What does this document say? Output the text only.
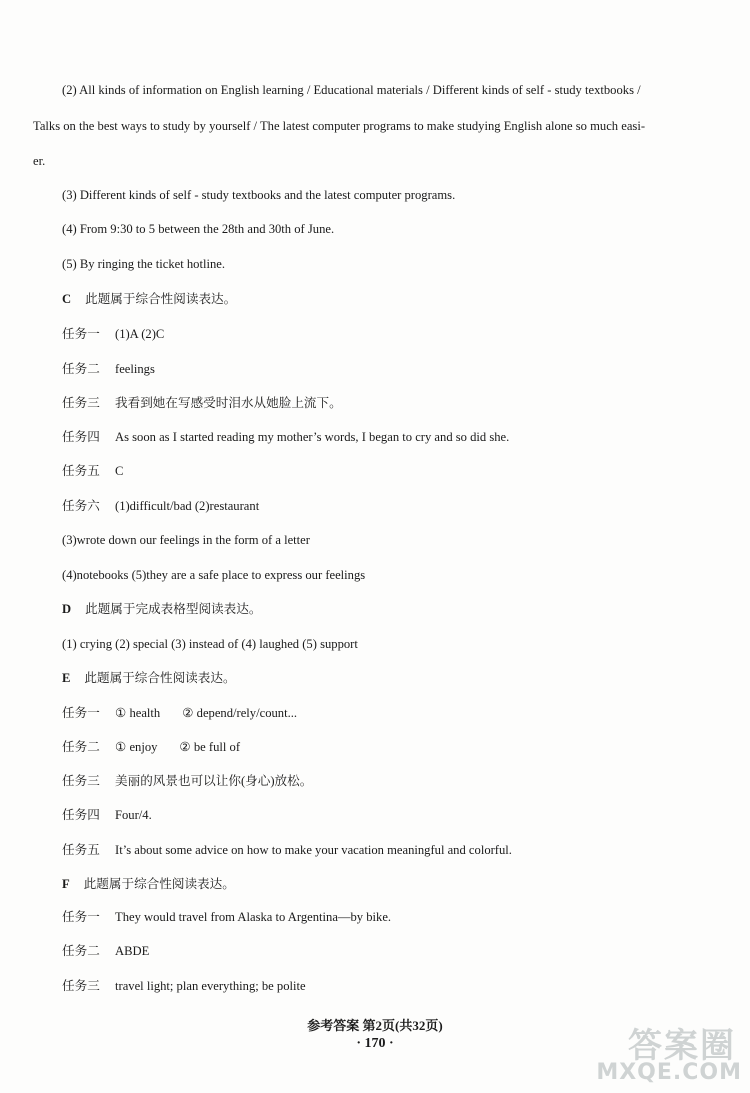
(2) All kinds of information on English learning / Educational materials / Different kinds of self - study textbooks /
Talks on the best ways to study by yourself / The latest computer programs to make studying English alone so much easi-
er.
(3) Different kinds of self - study textbooks and the latest computer programs.
(4) From 9:30 to 5 between the 28th and 30th of June.
(5) By ringing the ticket hotline.
C 此题属于综合性阅读表达。
任务一 (1)A (2)C
任务二 feelings
任务三 我看到她在写感受时泪水从她脸上流下。
任务四 As soon as I started reading my mother’s words, I began to cry and so did she.
任务五 C
任务六 (1)difficult/bad (2)restaurant
(3)wrote down our feelings in the form of a letter
(4)notebooks (5)they are a safe place to express our feelings
D 此题属于完成表格型阅读表达。
(1) crying (2) special (3) instead of (4) laughed (5) support
E 此题属于综合性阅读表达。
任务一 ① health ② depend/rely/count...
任务二 ① enjoy ② be full of
任务三 美丽的风景也可以让你(身心)放松。
任务四 Four/4.
任务五 It’s about some advice on how to make your vacation meaningful and colorful.
F 此题属于综合性阅读表达。
任务一 They would travel from Alaska to Argentina—by bike.
任务二 ABDE
任务三 travel light; plan everything; be polite
参考答案 第2页(共32页)
· 170 ·	答案圈
MXQE.COM
